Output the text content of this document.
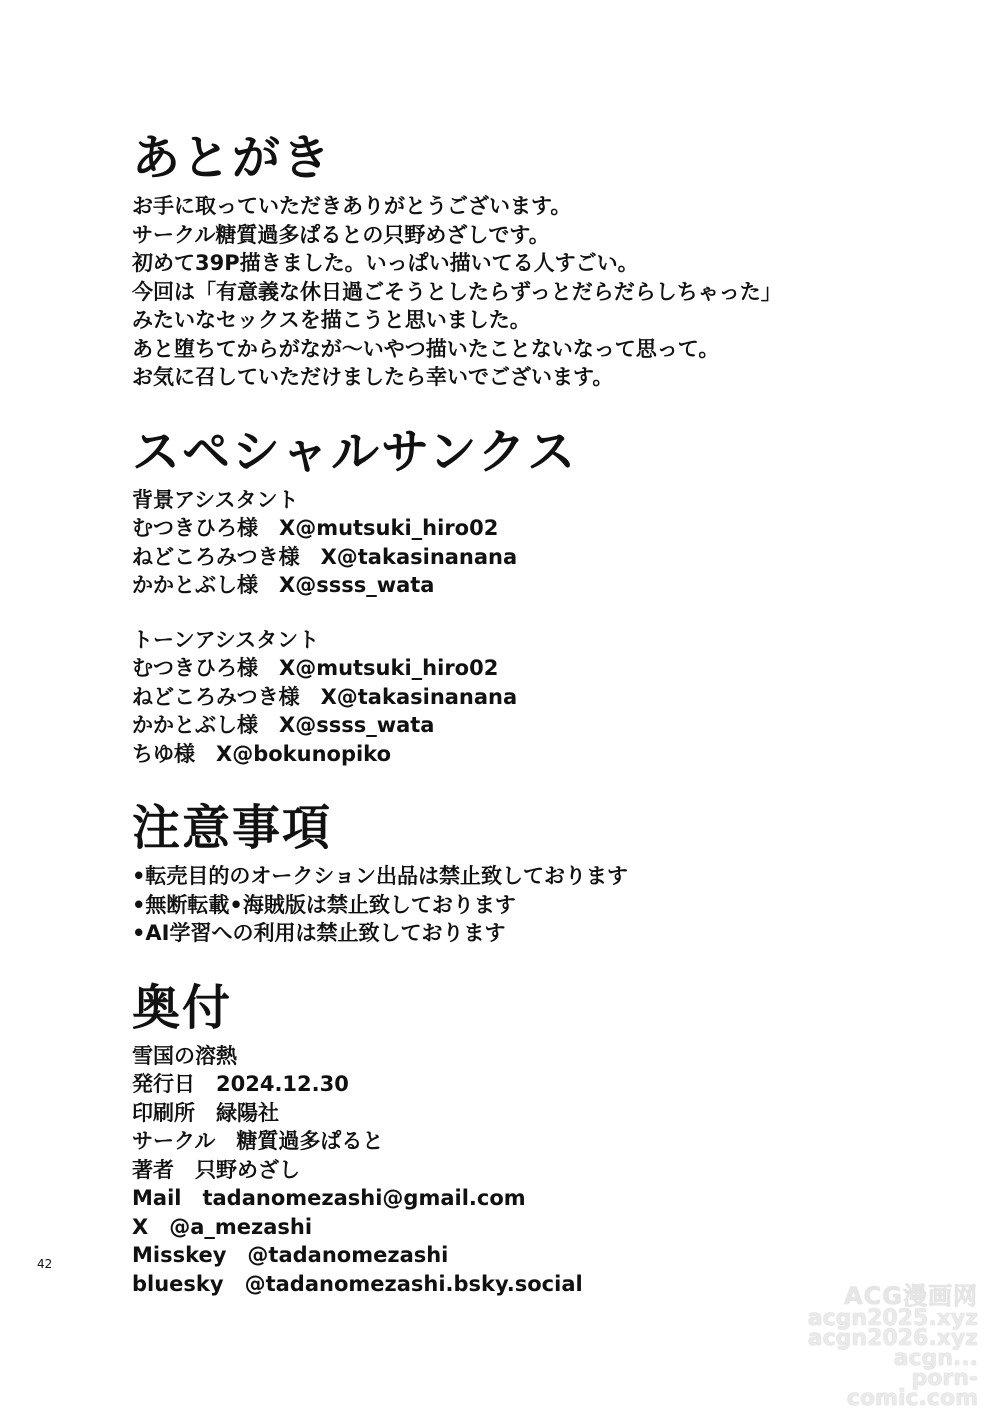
あとがき
お手に取っていただきありがとうございます。
サークル糖質過多ぱるとの只野めざしです。
初めて39P描きました。いっぱい描いてる人すごい。
今回は「有意義な休日過ごそうとしたらずっとだらだらしちゃった」
みたいなセックスを描こうと思いました。
あと堕ちてからがなが〜いやつ描いたことないなって思って。
お気に召していただけましたら幸いでございます。
スペシャルサンクス
背景アシスタント
むつきひろ様　X@mutsuki_hiro02
ねどころみつき様　X@takasinanana
かかとぶし様　X@ssss_wata
トーンアシスタント
むつきひろ様　X@mutsuki_hiro02
ねどころみつき様　X@takasinanana
かかとぶし様　X@ssss_wata
ちゆ様　X@bokunopiko
注意事項
•転売目的のオークション出品は禁止致しております
•無断転載•海賊版は禁止致しております
•AI学習への利用は禁止致しております
奥付
雪国の溶熱
発行日　2024.12.30
印刷所　緑陽社
サークル　糖質過多ぱると
著者　只野めざし
Mail　tadanomezashi@gmail.com
X　@a_mezashi
Misskey　@tadanomezashi
bluesky　@tadanomezashi.bsky.social
42
ACG漫画网
acgn2025.xyz
acgn2026.xyz
acgn...
porn-comic.com
